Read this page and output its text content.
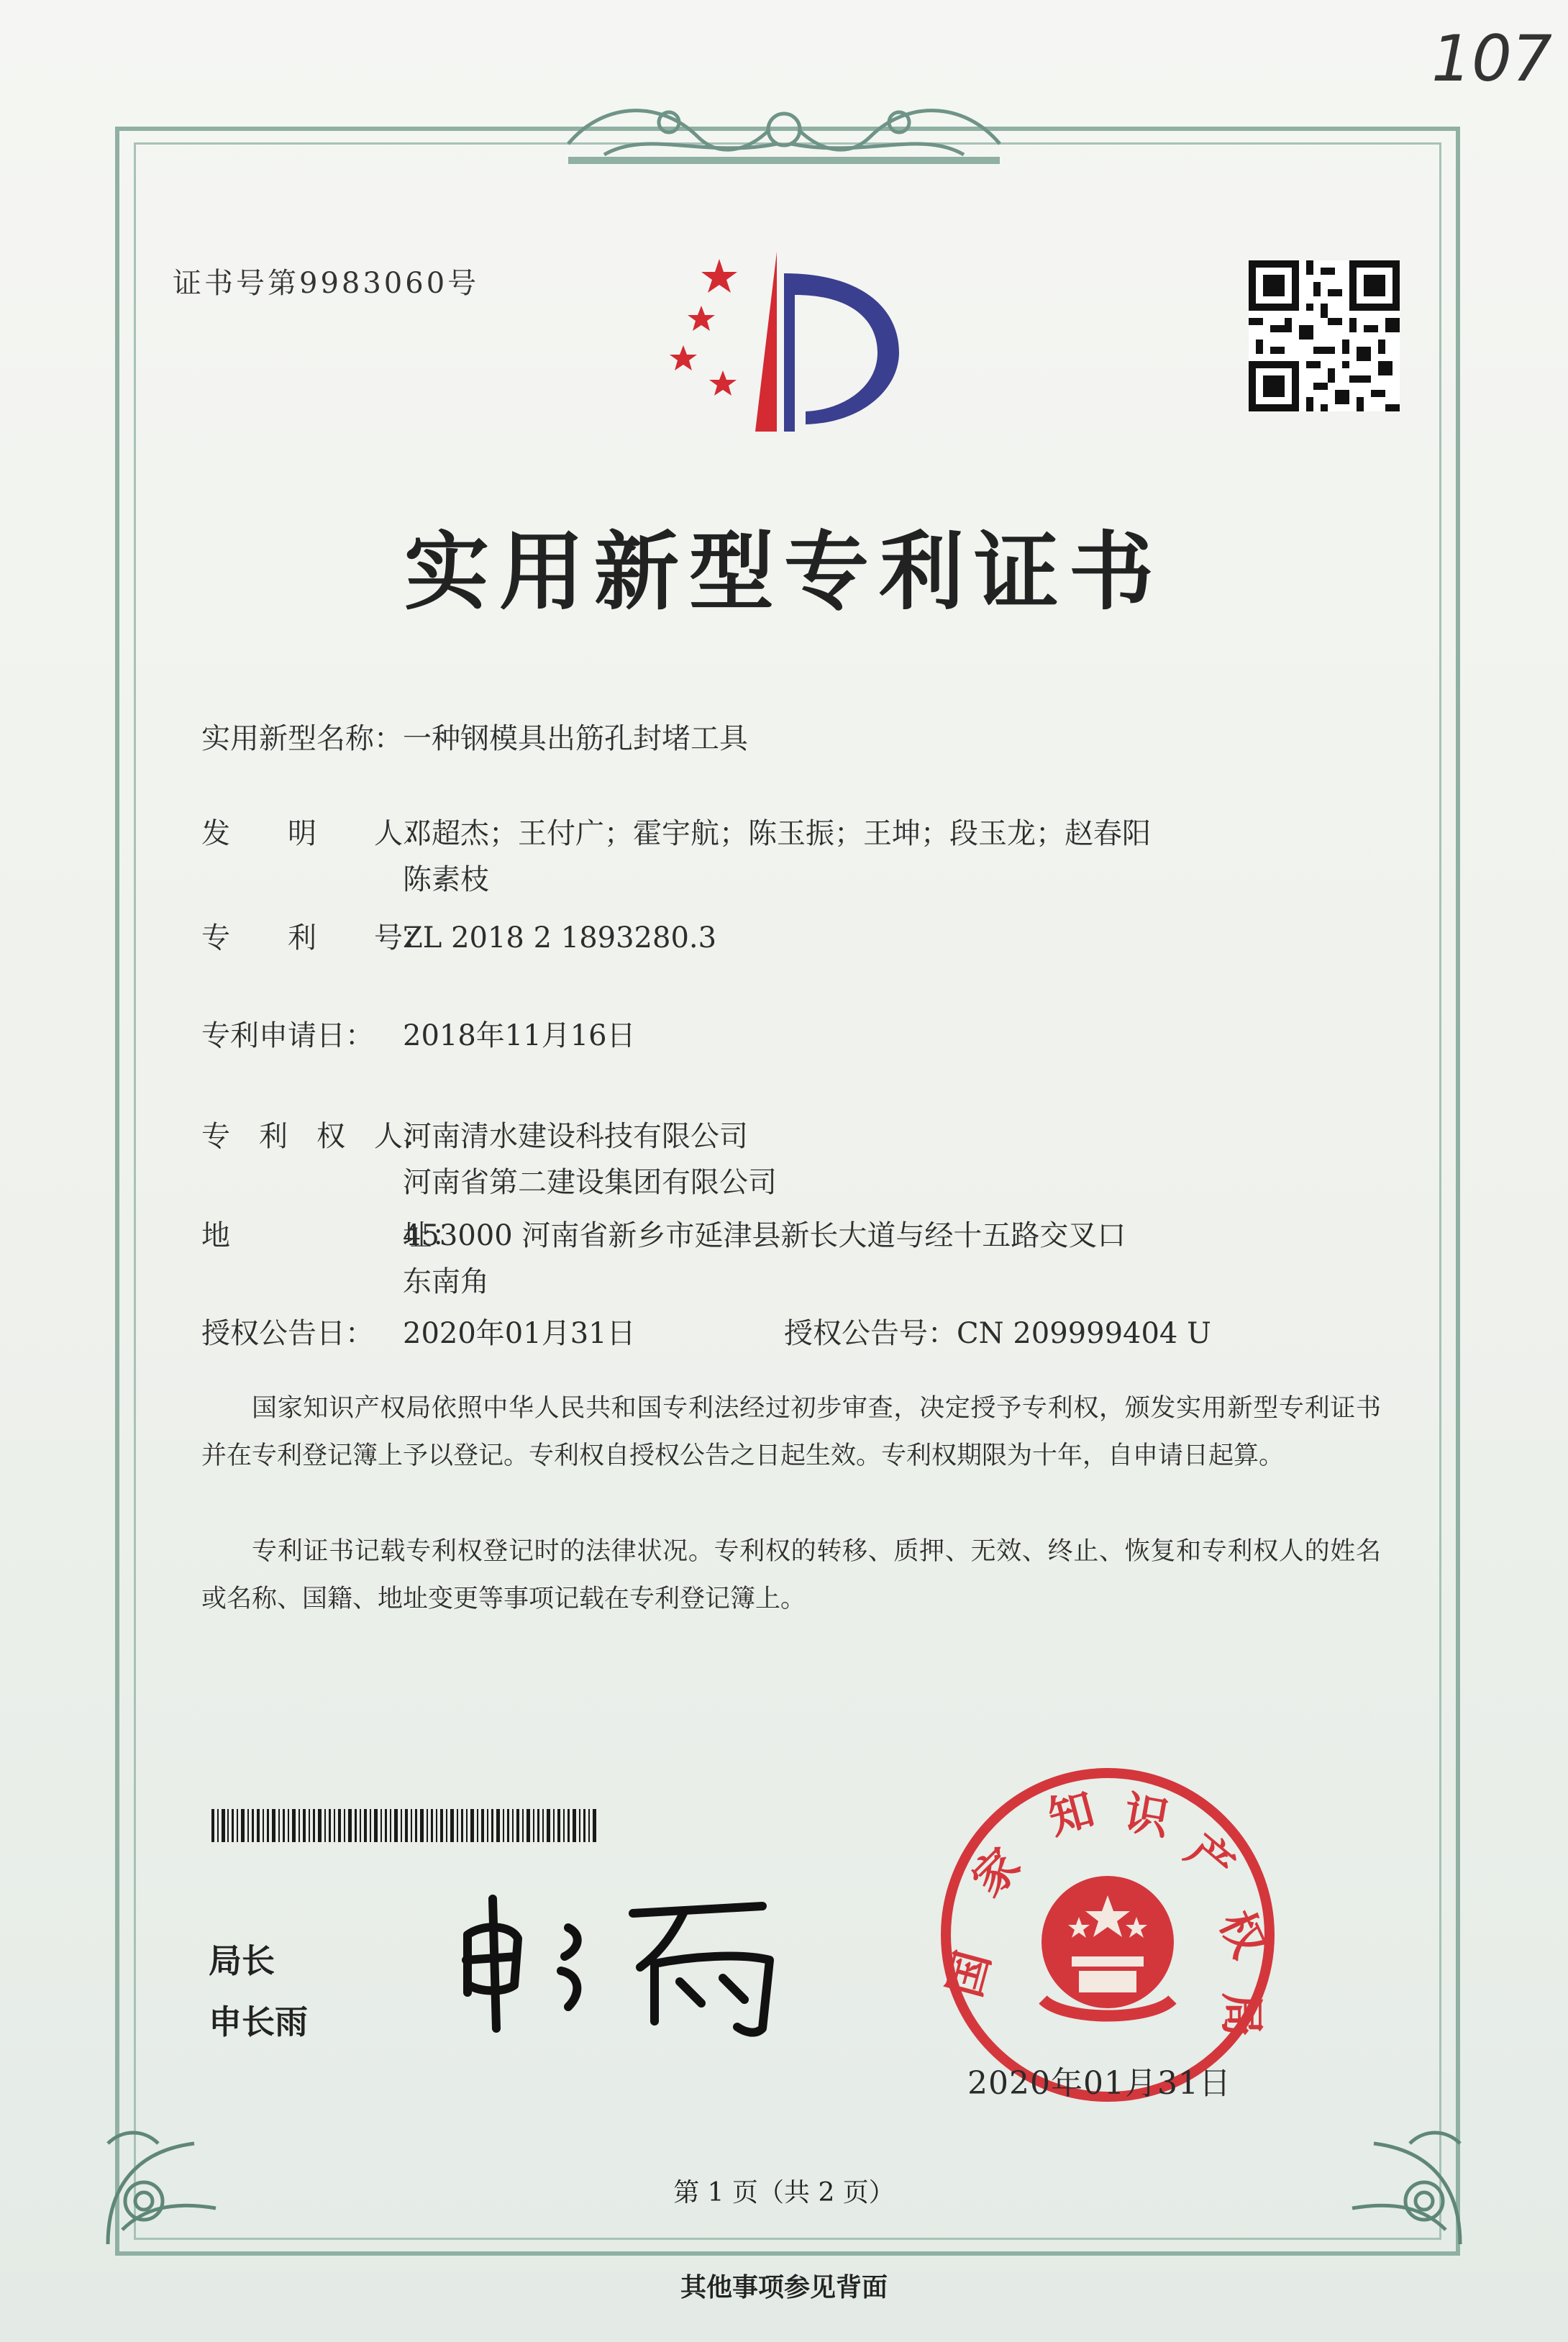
107
证书号第9983060号
实用新型专利证书
实用新型名称：一种钢模具出筋孔封堵工具
发　　明　　人：邓超杰；王付广；霍宇航；陈玉振；王坤；段玉龙；赵春阳
陈素枝
专　　利　　号：ZL 2018 2 1893280.3
专利申请日： 2018年11月16日
专　利　权　人：河南清水建设科技有限公司
河南省第二建设集团有限公司
地　　　　　　址：453000 河南省新乡市延津县新长大道与经十五路交叉口
东南角
授权公告日： 2020年01月31日	授权公告号：CN 209999404 U
国家知识产权局依照中华人民共和国专利法经过初步审查，决定授予专利权，颁发实用新型专利证书并在专利登记簿上予以登记。专利权自授权公告之日起生效。专利权期限为十年，自申请日起算。
专利证书记载专利权登记时的法律状况。专利权的转移、质押、无效、终止、恢复和专利权人的姓名或名称、国籍、地址变更等事项记载在专利登记簿上。
局长
申长雨
国
家
知 识
产
权
局
2020年01月31日
第 1 页（共 2 页）
其他事项参见背面
